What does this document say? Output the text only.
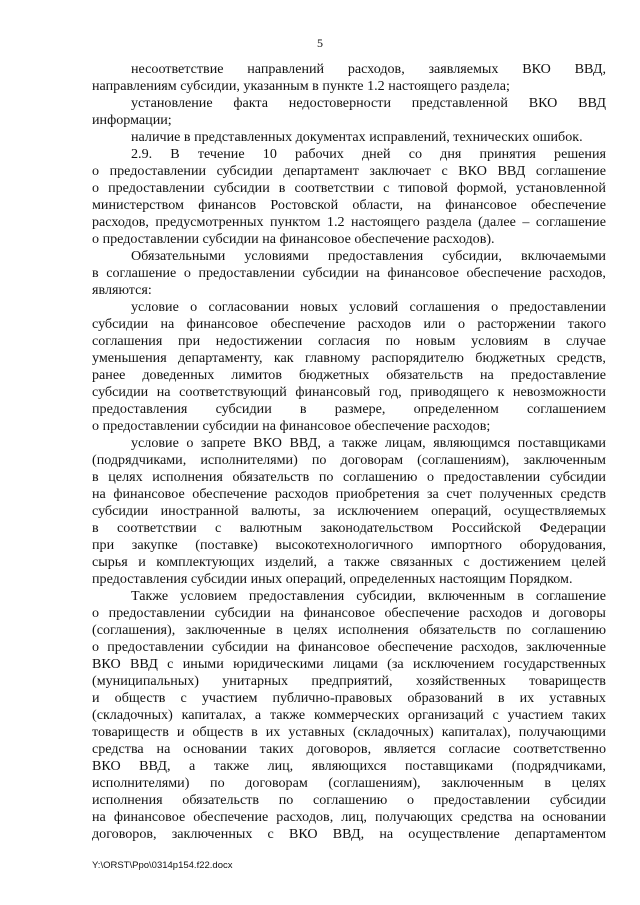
5
несоответствие направлений расходов, заявляемых ВКО ВВД,
направлениям субсидии, указанным в пункте 1.2 настоящего раздела;
установление факта недостоверности представленной ВКО ВВД
информации;
наличие в представленных документах исправлений, технических ошибок.
2.9. В течение 10 рабочих дней со дня принятия решения
о предоставлении субсидии департамент заключает с ВКО ВВД соглашение
о предоставлении субсидии в соответствии с типовой формой, установленной
министерством финансов Ростовской области, на финансовое обеспечение
расходов, предусмотренных пунктом 1.2 настоящего раздела (далее – соглашение
о предоставлении субсидии на финансовое обеспечение расходов).
Обязательными условиями предоставления субсидии, включаемыми
в соглашение о предоставлении субсидии на финансовое обеспечение расходов,
являются:
условие о согласовании новых условий соглашения о предоставлении
субсидии на финансовое обеспечение расходов или о расторжении такого
соглашения при недостижении согласия по новым условиям в случае
уменьшения департаменту, как главному распорядителю бюджетных средств,
ранее доведенных лимитов бюджетных обязательств на предоставление
субсидии на соответствующий финансовый год, приводящего к невозможности
предоставления субсидии в размере, определенном соглашением
о предоставлении субсидии на финансовое обеспечение расходов;
условие о запрете ВКО ВВД, а также лицам, являющимся поставщиками
(подрядчиками, исполнителями) по договорам (соглашениям), заключенным
в целях исполнения обязательств по соглашению о предоставлении субсидии
на финансовое обеспечение расходов приобретения за счет полученных средств
субсидии иностранной валюты, за исключением операций, осуществляемых
в соответствии с валютным законодательством Российской Федерации
при закупке (поставке) высокотехнологичного импортного оборудования,
сырья и комплектующих изделий, а также связанных с достижением целей
предоставления субсидии иных операций, определенных настоящим Порядком.
Также условием предоставления субсидии, включенным в соглашение
о предоставлении субсидии на финансовое обеспечение расходов и договоры
(соглашения), заключенные в целях исполнения обязательств по соглашению
о предоставлении субсидии на финансовое обеспечение расходов, заключенные
ВКО ВВД с иными юридическими лицами (за исключением государственных
(муниципальных) унитарных предприятий, хозяйственных товариществ
и обществ с участием публично-правовых образований в их уставных
(складочных) капиталах, а также коммерческих организаций с участием таких
товариществ и обществ в их уставных (складочных) капиталах), получающими
средства на основании таких договоров, является согласие соответственно
ВКО ВВД, а также лиц, являющихся поставщиками (подрядчиками,
исполнителями) по договорам (соглашениям), заключенным в целях
исполнения обязательств по соглашению о предоставлении субсидии
на финансовое обеспечение расходов, лиц, получающих средства на основании
договоров, заключенных с ВКО ВВД, на осуществление департаментом
Y:\ORST\Ppo\0314p154.f22.docx
